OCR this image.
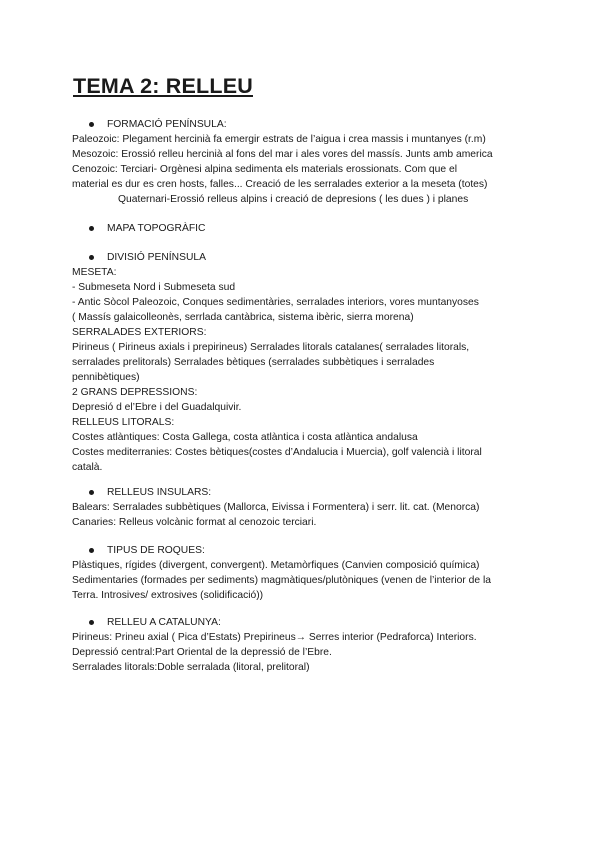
TEMA 2: RELLEU
FORMACIÓ PENÍNSULA:
Paleozoic: Plegament hercinià fa emergir estrats de l’aigua i crea massis i muntanyes (r.m)
Mesozoic: Erossió relleu hercinià al fons del mar i ales vores del massís. Junts amb america
Cenozoic: Terciari- Orgènesi alpina sedimenta els materials erossionats. Com que el
material es dur es cren hosts, falles... Creació de les serralades exterior a la meseta (totes)
Quaternari-Erossió relleus alpins i creació de depresions ( les dues ) i planes
MAPA TOPOGRÀFIC
DIVISIÓ PENÍNSULA
MESETA:
- Submeseta Nord i Submeseta sud
- Antic Sòcol Paleozoic, Conques sedimentàries, serralades interiors, vores muntanyoses
( Massís galaicolleonès, serrlada cantàbrica, sistema ibèric, sierra morena)
SERRALADES EXTERIORS:
Pirineus ( Pirineus axials i prepirineus) Serralades litorals catalanes( serralades litorals,
serralades prelitorals) Serralades bètiques (serralades subbètiques i serralades
pennibètiques)
2 GRANS DEPRESSIONS:
Depresió d el’Ebre i del Guadalquivir.
RELLEUS LITORALS:
Costes atlàntiques: Costa Gallega, costa atlàntica i costa atlàntica andalusa
Costes mediterranies: Costes bètiques(costes d’Andalucia i Muercia), golf valencià i litoral
català.
RELLEUS INSULARS:
Balears: Serralades subbètiques (Mallorca, Eivissa i Formentera) i serr. lit. cat. (Menorca)
Canaries: Relleus volcànic format al cenozoic terciari.
TIPUS DE ROQUES:
Plàstiques, rígides (divergent, convergent). Metamòrfiques (Canvien composició química)
Sedimentaries (formades per sediments) magmàtiques/plutòniques (venen de l’interior de la
Terra. Introsives/ extrosives (solidificació))
RELLEU A CATALUNYA:
Pirineus: Prineu axial ( Pica d’Estats) Prepirineus→ Serres interior (Pedraforca) Interiors.
Depressió central:Part Oriental de la depressió de l’Ebre.
Serralades litorals:Doble serralada (litoral, prelitoral)
